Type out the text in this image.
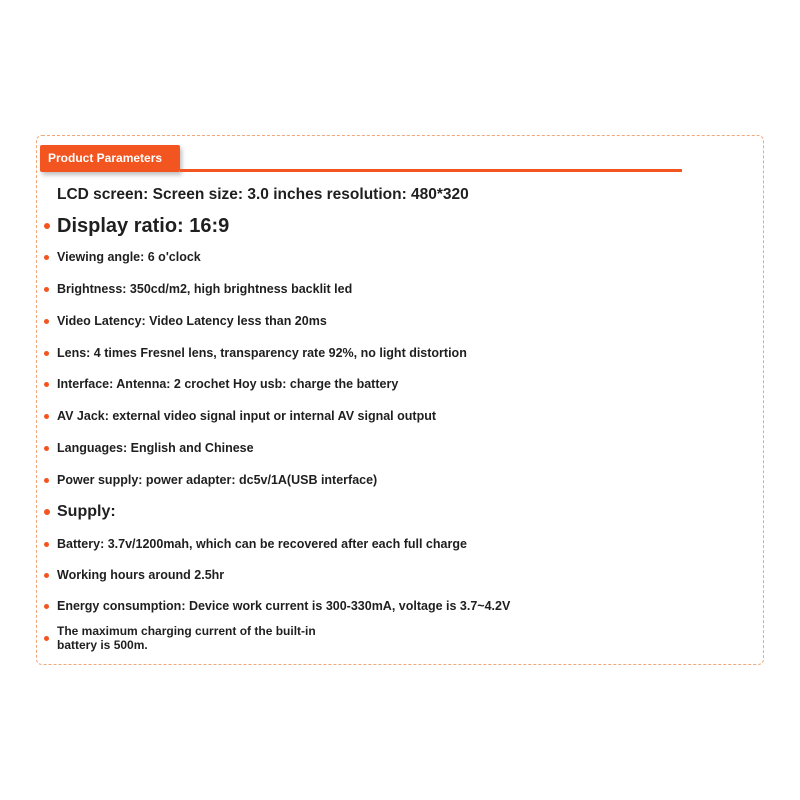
Product Parameters
LCD screen: Screen size: 3.0 inches resolution: 480*320
Display ratio: 16:9
Viewing angle: 6 o'clock
Brightness: 350cd/m2, high brightness backlit led
Video Latency: Video Latency less than 20ms
Lens: 4 times Fresnel lens, transparency rate 92%, no light distortion
Interface: Antenna: 2 crochet Hoy usb: charge the battery
AV Jack: external video signal input or internal AV signal output
Languages: English and Chinese
Power supply: power adapter: dc5v/1A(USB interface)
Supply:
Battery: 3.7v/1200mah, which can be recovered after each full charge
Working hours around 2.5hr
Energy consumption: Device work current is 300-330mA, voltage is 3.7~4.2V
The maximum charging current of the built-in
battery is 500m.
